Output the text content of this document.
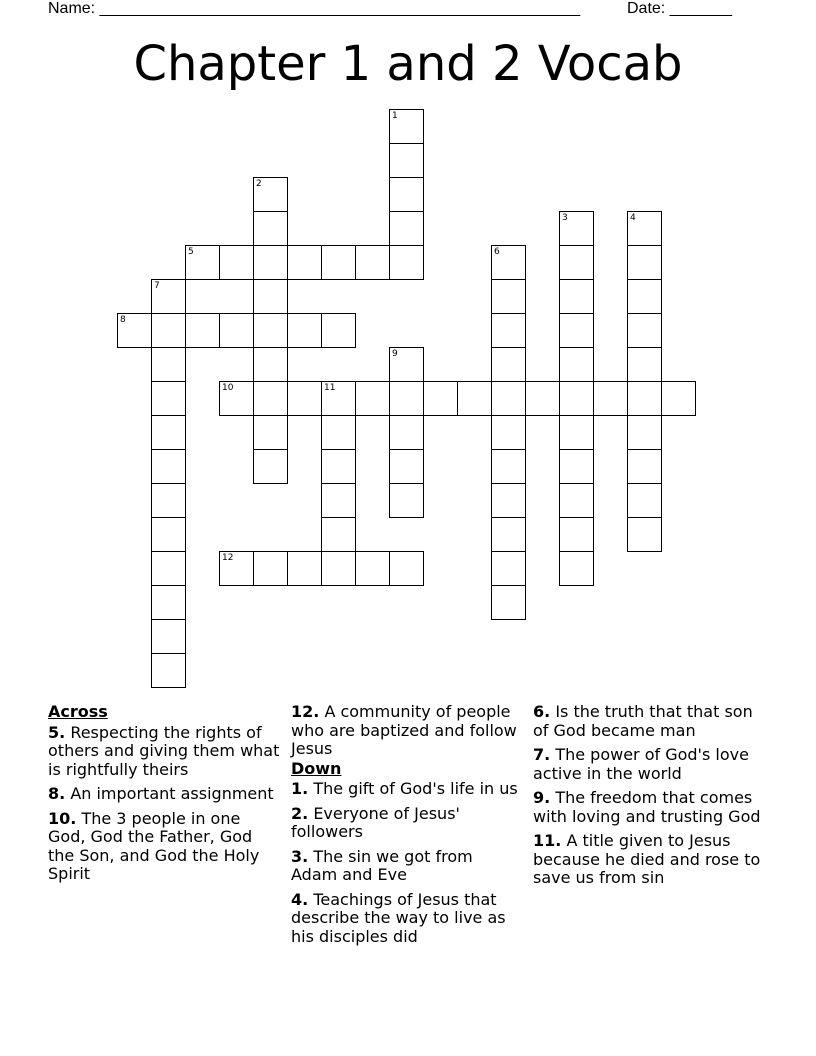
Name: ______________________________________________________	Date: _______
Chapter 1 and 2 Vocab
1
2
3	4
5	6
7
8
9
10	11
12
Across
5. Respecting the rights of others and giving them what is rightfully theirs
8. An important assignment
10. The 3 people in one God, God the Father, God the Son, and God the Holy Spirit
12. A community of people who are baptized and follow Jesus
Down
1. The gift of God's life in us
2. Everyone of Jesus' followers
3. The sin we got from Adam and Eve
4. Teachings of Jesus that describe the way to live as his disciples did
6. Is the truth that that son of God became man
7. The power of God's love active in the world
9. The freedom that comes with loving and trusting God
11. A title given to Jesus because he died and rose to save us from sin
